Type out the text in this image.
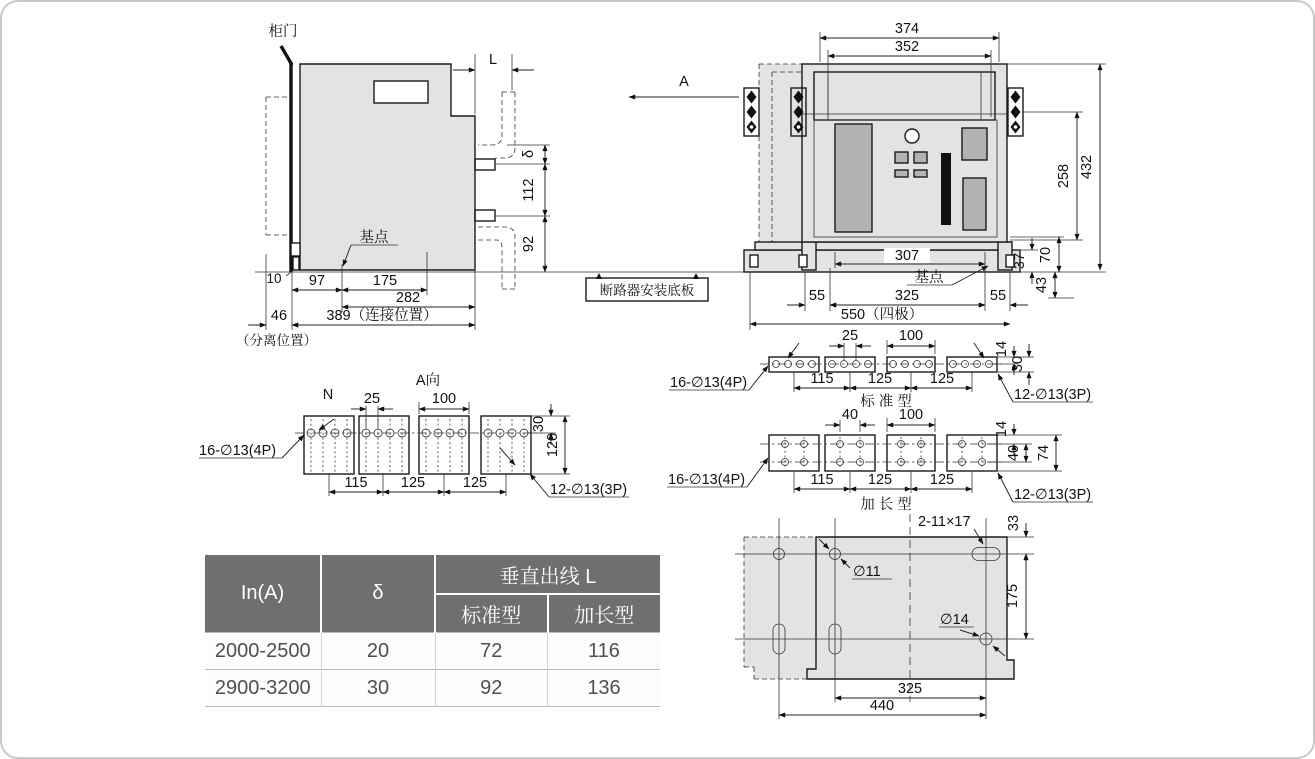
柜门
L
δ
112
92
基点
10 97	175
282
46	389（连接位置）
（分离位置）
A
374
352
432
258
37 70
43
307
基点
55	325	55
550（四极）
断路器安装底板
A向
N 25	100
30
120
115 125	125
16-∅13(4P)
12-∅13(3P)
25	100
14
30
115 125	125
16-∅13(4P)
12-∅13(3P)
标 准 型
40	100
14
40 74
115 125	125
16-∅13(4P)
12-∅13(3P)
加 长 型
2-11×17
∅11
∅14
33
175
325
440
In(A)	δ	垂直出线 L	
		标准型	加长型
2000-2500	20	72	116
2900-3200	30	92	136
